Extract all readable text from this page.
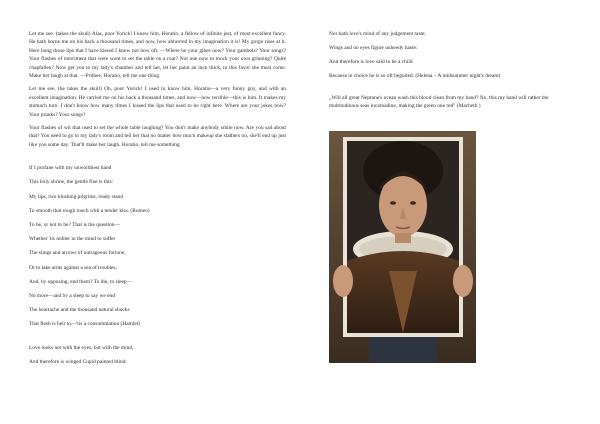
Let me see. (takes the skull) Alas, poor Yorick! I knew him, Horatio, a fellow of infinite jest, of most excellent fancy. He hath borne me on his back a thousand times, and now, how abhorred in my imagination it is! My gorge rises at it. Here hung those lips that I have kissed I know not how oft. —Where be your gibes now? Your gambols? Your songs? Your flashes of merriment that were wont to set the table on a roar? Not one now to mock your own grinning? Quite chapfallen? Now get you to my lady's chamber and tell her, let her paint an inch thick, to this favor she must come. Make her laugh at that. —Prithee, Horatio, tell me one thing.

Let me see, (he takes the skull) Oh, poor Yorick! I used to know him, Horatio—a very funny guy, and with an excellent imagination. He carried me on his back a thousand times, and now—how terrible—this is him. It makes my stomach turn. I don't know how many times I kissed the lips that used to be right here. Where are your jokes now? Your pranks? Your songs?

Your flashes of wit that used to set the whole table laughing? You don't make anybody smile now. Are you sad about that? You need to go to my lady's room and tell her that no matter how much makeup she slathers on, she'll end up just like you some day. That'll make her laugh. Horatio, tell me something.

If I profane with my unworthiest hand
This holy shrine, the gentle fine is this:
My lips, two blushing pilgrims, ready stand
To smooth that rough touch with a tender kiss. (Romeo)
To be, or not to be? That is the question—
Whether 'tis nobler in the mind to suffer
The slings and arrows of outrageous fortune,
Or to take arms against a sea of troubles,
And, by opposing, end them? To die, to sleep—
No more—and by a sleep to say we end
The heartache and the thousand natural shocks
That flesh is heir to—'tis a consummation (Hamlet)
Love looks not with the eyes, but with the mind,
And therefore is winged Cupid painted blind.
Nor hath love's mind of any judgement taste;
Wings and no eyes figure unheedy haste:
And therefore is love said to be a child
Because in choice he is so oft beguiled. (Helena – A midsummer night's dream)

„Will all great Neptune's ocean wash this blood clean from my hand? No, this my hand will rather the multitudinous seas incarnadine, making the green one red" (Macbeth )
